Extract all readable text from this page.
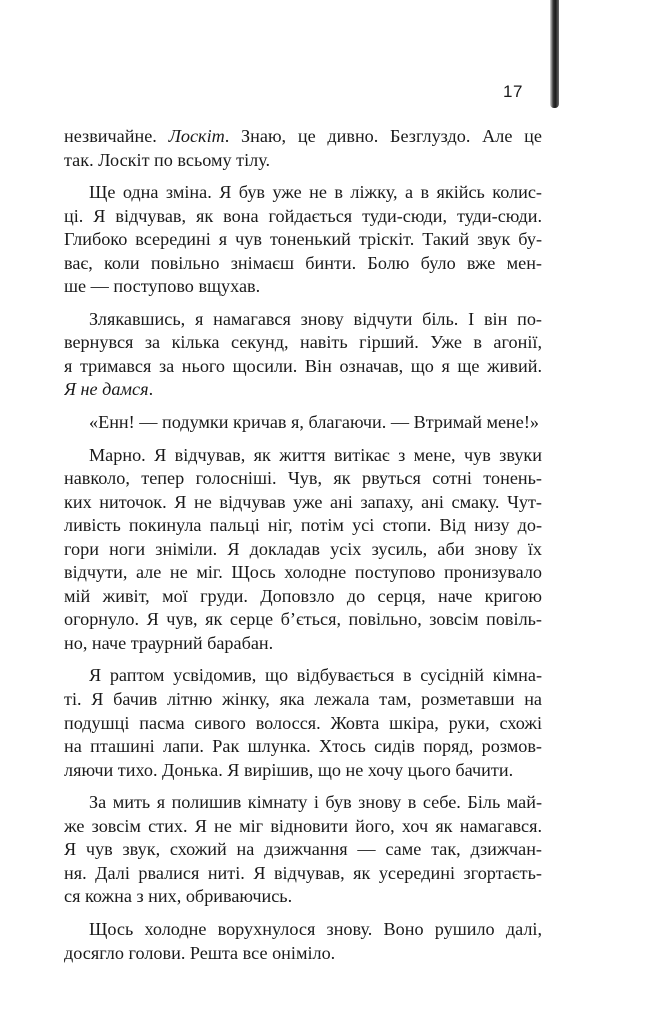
17
незвичайне. Лоскіт. Знаю, це дивно. Безглуздо. Але це
так. Лоскіт по всьому тілу.
Ще одна зміна. Я був уже не в ліжку, а в якійсь колис-
ці. Я відчував, як вона гойдається туди-сюди, туди-сюди.
Глибоко всередині я чув тоненький тріскіт. Такий звук бу-
ває, коли повільно знімаєш бинти. Болю було вже мен-
ше — поступово вщухав.
Злякавшись, я намагався знову відчути біль. І він по-
вернувся за кілька секунд, навіть гірший. Уже в агонії,
я тримався за нього щосили. Він означав, що я ще живий.
Я не дамся.
«Енн! — подумки кричав я, благаючи. — Втримай мене!»
Марно. Я відчував, як життя витікає з мене, чув звуки
навколо, тепер голосніші. Чув, як рвуться сотні тонень-
ких ниточок. Я не відчував уже ані запаху, ані смаку. Чут-
ливість покинула пальці ніг, потім усі стопи. Від низу до-
гори ноги зніміли. Я докладав усіх зусиль, аби знову їх
відчути, але не міг. Щось холодне поступово пронизувало
мій живіт, мої груди. Доповзло до серця, наче кригою
огорнуло. Я чув, як серце б’ється, повільно, зовсім повіль-
но, наче траурний барабан.
Я раптом усвідомив, що відбувається в сусідній кімна-
ті. Я бачив літню жінку, яка лежала там, розметавши на
подушці пасма сивого волосся. Жовта шкіра, руки, схожі
на пташині лапи. Рак шлунка. Хтось сидів поряд, розмов-
ляючи тихо. Донька. Я вирішив, що не хочу цього бачити.
За мить я полишив кімнату і був знову в себе. Біль май-
же зовсім стих. Я не міг відновити його, хоч як намагався.
Я чув звук, схожий на дзижчання — саме так, дзижчан-
ня. Далі рвалися нитi. Я відчував, як усередині згортаєть-
ся кожна з них, обриваючись.
Щось холодне ворухнулося знову. Воно рушило далі,
досягло голови. Решта все оніміло.
